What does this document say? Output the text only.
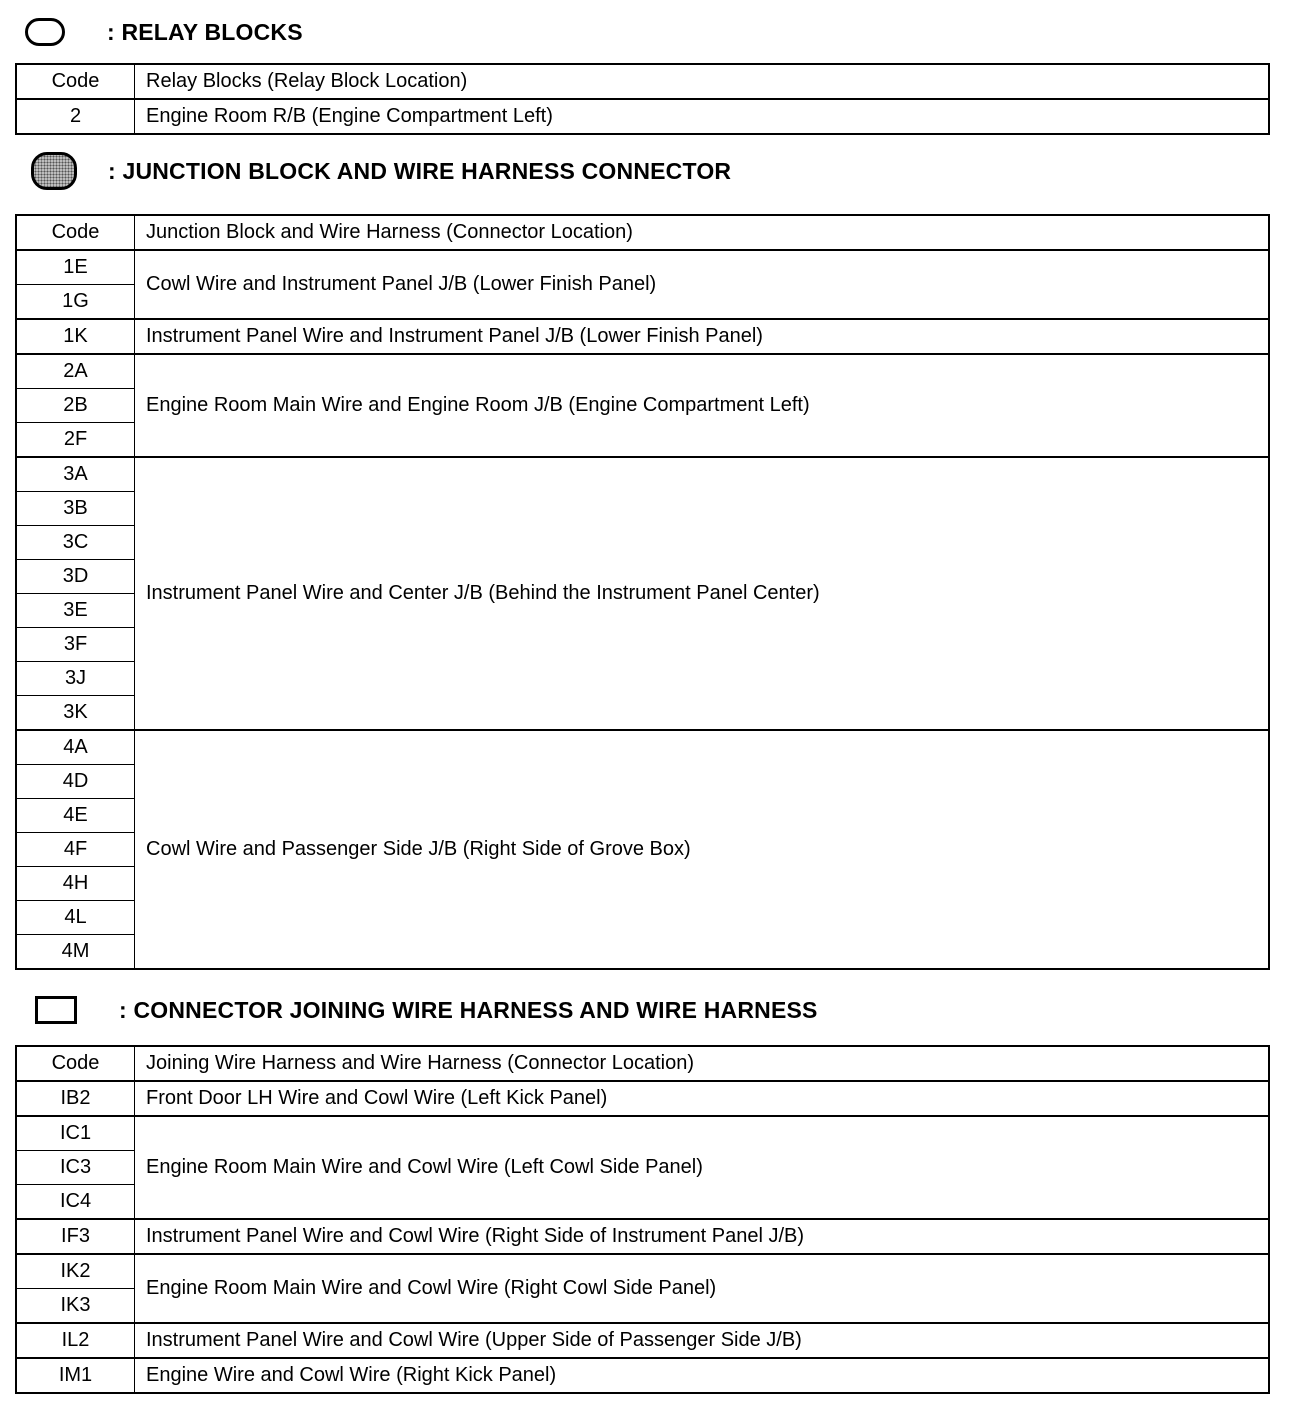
: RELAY BLOCKS
Code	Relay Blocks (Relay Block Location)
2	Engine Room R/B (Engine Compartment Left)
: JUNCTION BLOCK AND WIRE HARNESS CONNECTOR
Code	Junction Block and Wire Harness (Connector Location)
1E	Cowl Wire and Instrument Panel J/B (Lower Finish Panel)
1G	
1K	Instrument Panel Wire and Instrument Panel J/B (Lower Finish Panel)
2A	Engine Room Main Wire and Engine Room J/B (Engine Compartment Left)
2B	
2F	
3A	Instrument Panel Wire and Center J/B (Behind the Instrument Panel Center)
3B	
3C	
3D	
3E	
3F	
3J	
3K	
4A	Cowl Wire and Passenger Side J/B (Right Side of Grove Box)
4D	
4E	
4F	
4H	
4L	
4M	
: CONNECTOR JOINING WIRE HARNESS AND WIRE HARNESS
Code	Joining Wire Harness and Wire Harness (Connector Location)
IB2	Front Door LH Wire and Cowl Wire (Left Kick Panel)
IC1	Engine Room Main Wire and Cowl Wire (Left Cowl Side Panel)
IC3	
IC4	
IF3	Instrument Panel Wire and Cowl Wire (Right Side of Instrument Panel J/B)
IK2	Engine Room Main Wire and Cowl Wire (Right Cowl Side Panel)
IK3	
IL2	Instrument Panel Wire and Cowl Wire (Upper Side of Passenger Side J/B)
IM1	Engine Wire and Cowl Wire (Right Kick Panel)
